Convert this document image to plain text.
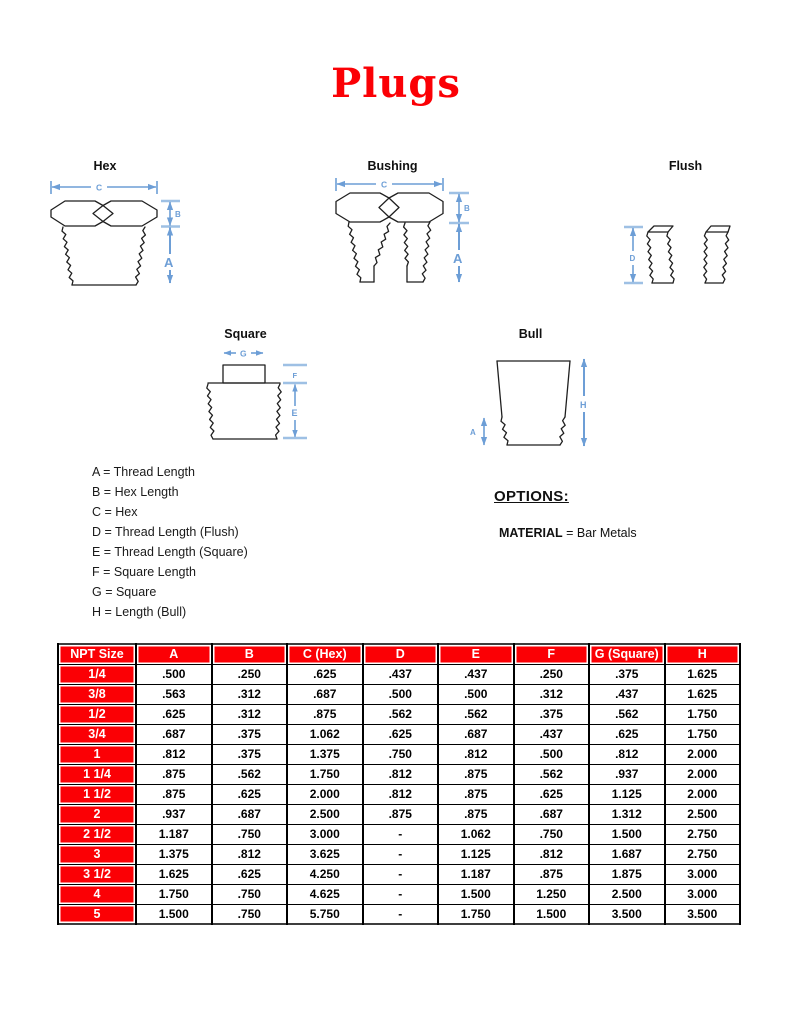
Plugs
Hex	Bushing	Flush
C
B
A
C
B
A	D
Square	Bull
G
F
E
H
A
A = Thread Length
B = Hex Length
C = Hex
D = Thread Length (Flush)
E = Thread Length (Square)
F = Square Length
G = Square
H = Length (Bull)
OPTIONS:
MATERIAL = Bar Metals
NPT Size	A	B	C (Hex)	D	E	F	G (Square)	H
1/4	.500	.250	.625	.437	.437	.250	.375	1.625
3/8	.563	.312	.687	.500	.500	.312	.437	1.625
1/2	.625	.312	.875	.562	.562	.375	.562	1.750
3/4	.687	.375	1.062	.625	.687	.437	.625	1.750
1	.812	.375	1.375	.750	.812	.500	.812	2.000
1 1/4	.875	.562	1.750	.812	.875	.562	.937	2.000
1 1/2	.875	.625	2.000	.812	.875	.625	1.125	2.000
2	.937	.687	2.500	.875	.875	.687	1.312	2.500
2 1/2	1.187	.750	3.000	-	1.062	.750	1.500	2.750
3	1.375	.812	3.625	-	1.125	.812	1.687	2.750
3 1/2	1.625	.625	4.250	-	1.187	.875	1.875	3.000
4	1.750	.750	4.625	-	1.500	1.250	2.500	3.000
5	1.500	.750	5.750	-	1.750	1.500	3.500	3.500
